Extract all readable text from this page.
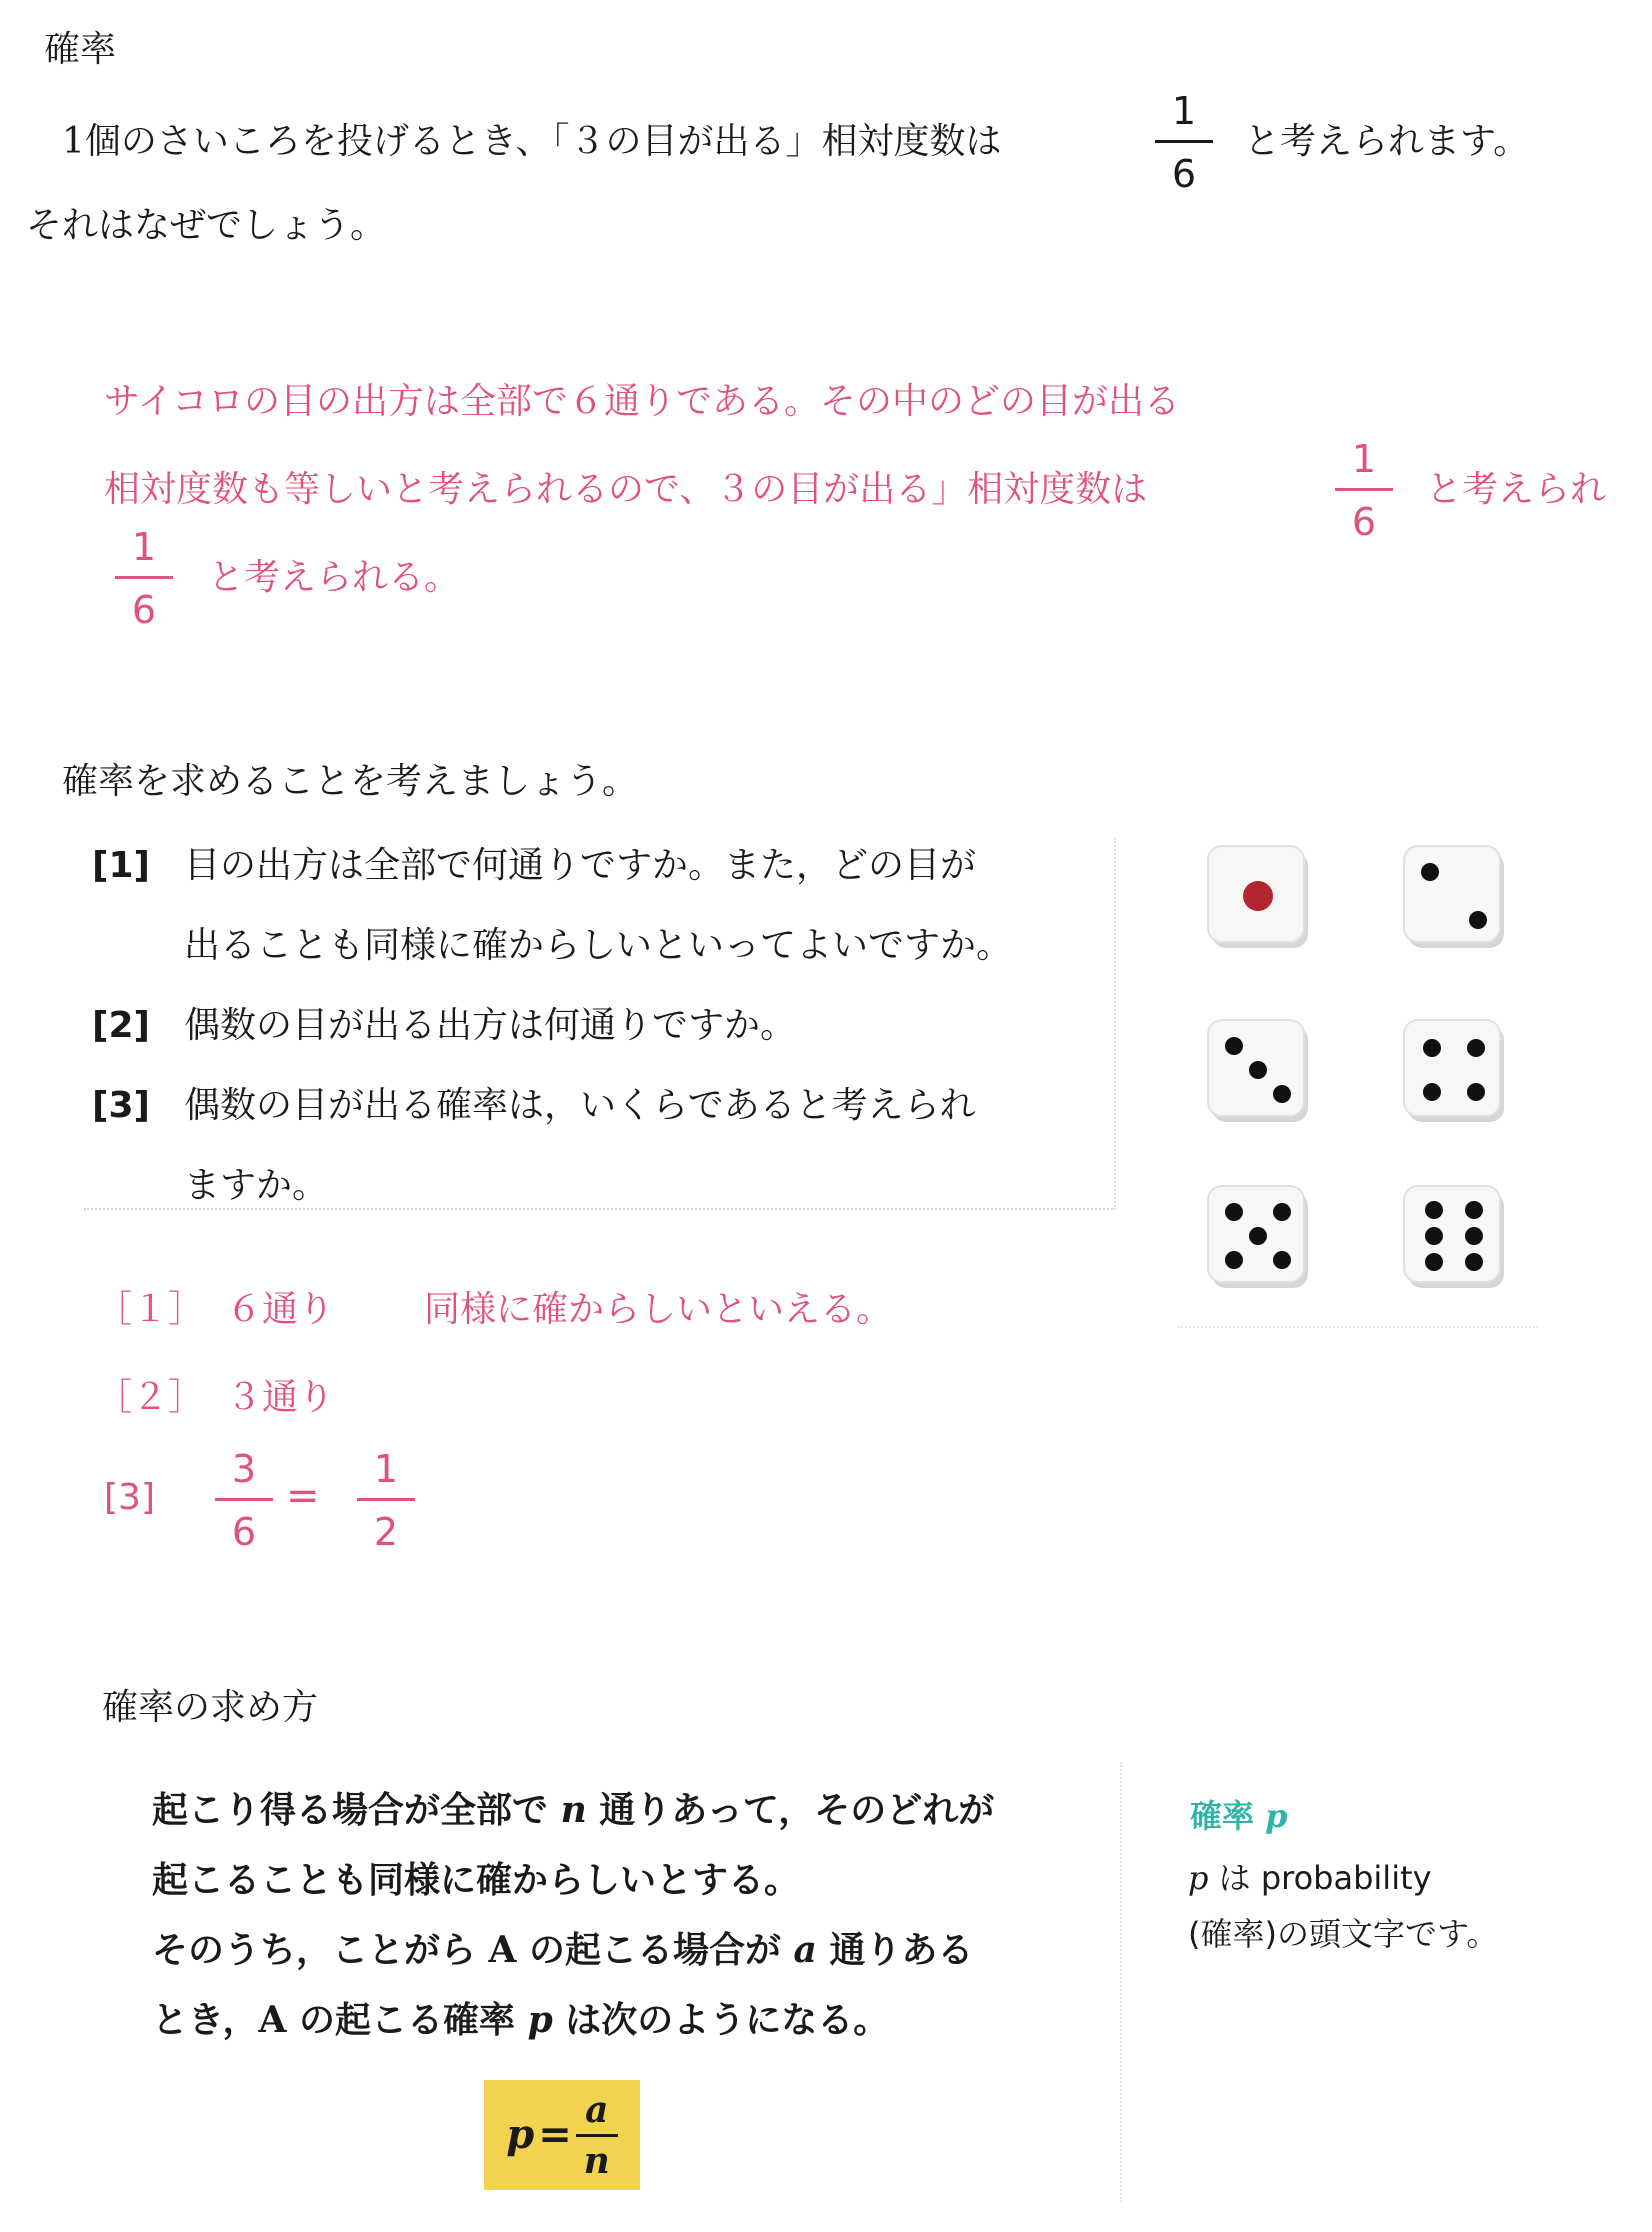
確率
1個のさいころを投げるとき、「３の目が出る」相対度数は
1
6
と考えられます。
それはなぜでしょう。
サイコロの目の出方は全部で６通りである。その中のどの目が出る
相対度数も等しいと考えられるので、３の目が出る」相対度数は
1
6
と考えられ
1
6
と考えられる。
確率を求めることを考えましょう。
[1] 目の出方は全部で何通りですか。また，どの目が
出ることも同様に確からしいといってよいですか。
[2] 偶数の目が出る出方は何通りですか。
[3] 偶数の目が出る確率は，いくらであると考えられ
ますか。
［１］ ６通り 同様に確からしいといえる。
［２］ ３通り
[3]
3
6
=
1
2
確率の求め方
起こり得る場合が全部で n 通りあって，そのどれが
起こることも同様に確からしいとする。
そのうち，ことがら A の起こる場合が a 通りある
とき，A の起こる確率 p は次のようになる。
p =
a
n
確率 p
p は probability
(確率)の頭文字です。
